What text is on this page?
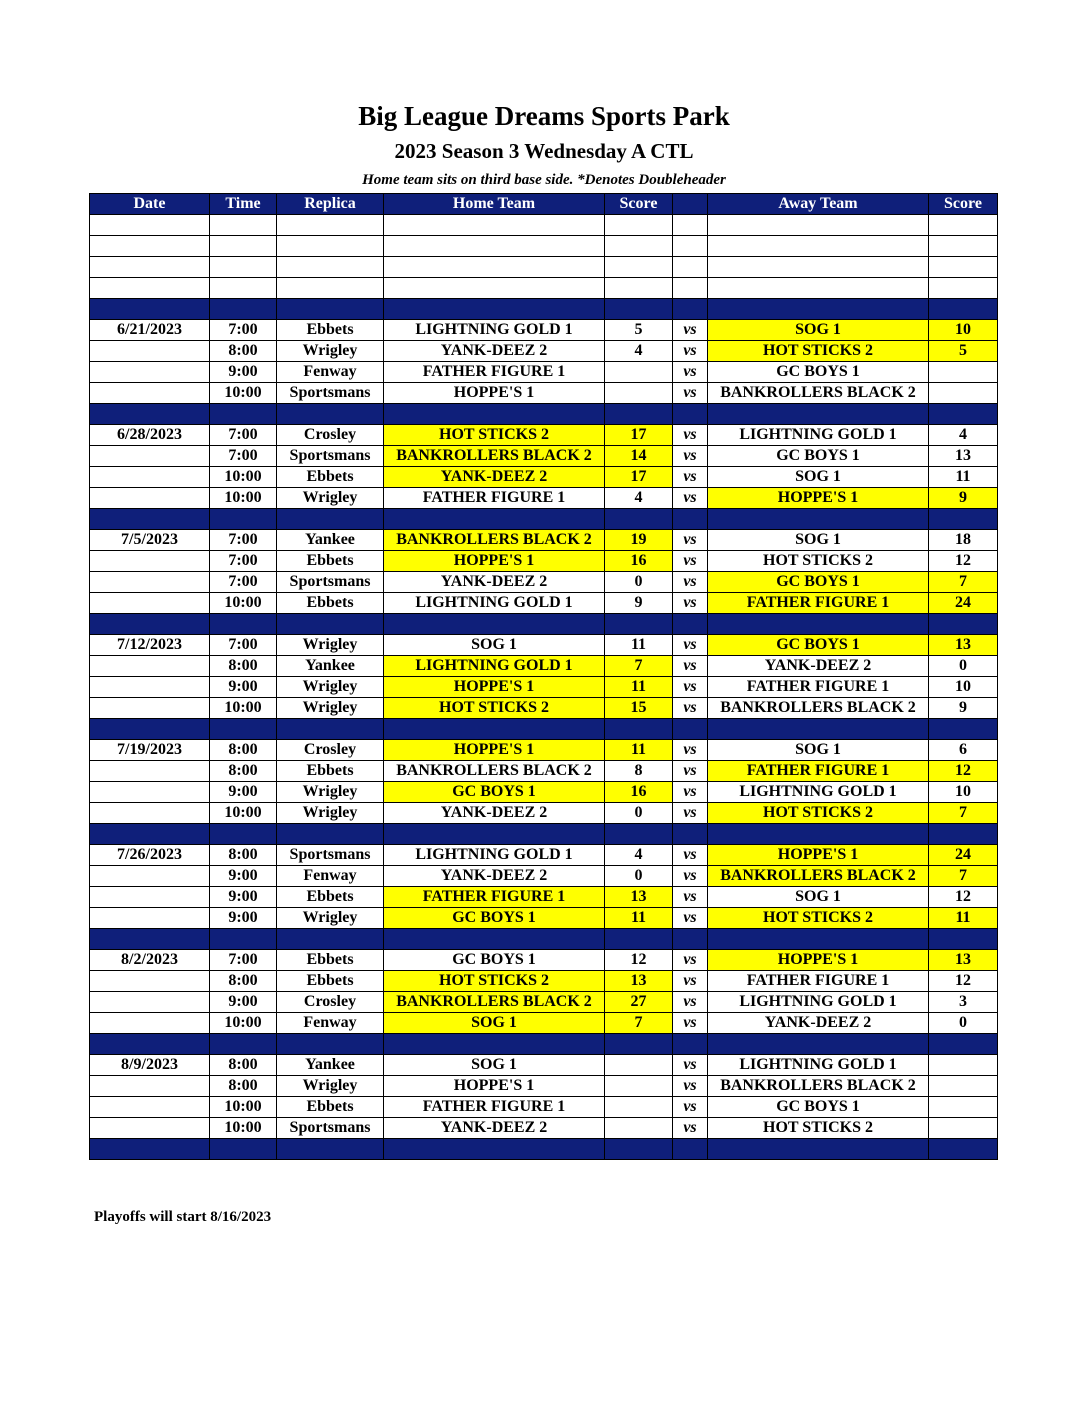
Big League Dreams Sports Park
2023 Season 3 Wednesday A CTL
Home team sits on third base side. *Denotes Doubleheader
Date	Time	Replica	Home Team	Score		Away Team	Score

6/21/2023	7:00	Ebbets	LIGHTNING GOLD 1	5	vs	SOG 1	10
	8:00	Wrigley	YANK-DEEZ 2	4	vs	HOT STICKS 2	5
	9:00	Fenway	FATHER FIGURE 1		vs	GC BOYS 1	
	10:00	Sportsmans	HOPPE'S 1		vs	BANKROLLERS BLACK 2	

6/28/2023	7:00	Crosley	HOT STICKS 2	17	vs	LIGHTNING GOLD 1	4
	7:00	Sportsmans	BANKROLLERS BLACK 2	14	vs	GC BOYS 1	13
	10:00	Ebbets	YANK-DEEZ 2	17	vs	SOG 1	11
	10:00	Wrigley	FATHER FIGURE 1	4	vs	HOPPE'S 1	9

7/5/2023	7:00	Yankee	BANKROLLERS BLACK 2	19	vs	SOG 1	18
	7:00	Ebbets	HOPPE'S 1	16	vs	HOT STICKS 2	12
	7:00	Sportsmans	YANK-DEEZ 2	0	vs	GC BOYS 1	7
	10:00	Ebbets	LIGHTNING GOLD 1	9	vs	FATHER FIGURE 1	24

7/12/2023	7:00	Wrigley	SOG 1	11	vs	GC BOYS 1	13
	8:00	Yankee	LIGHTNING GOLD 1	7	vs	YANK-DEEZ 2	0
	9:00	Wrigley	HOPPE'S 1	11	vs	FATHER FIGURE 1	10
	10:00	Wrigley	HOT STICKS 2	15	vs	BANKROLLERS BLACK 2	9

7/19/2023	8:00	Crosley	HOPPE'S 1	11	vs	SOG 1	6
	8:00	Ebbets	BANKROLLERS BLACK 2	8	vs	FATHER FIGURE 1	12
	9:00	Wrigley	GC BOYS 1	16	vs	LIGHTNING GOLD 1	10
	10:00	Wrigley	YANK-DEEZ 2	0	vs	HOT STICKS 2	7

7/26/2023	8:00	Sportsmans	LIGHTNING GOLD 1	4	vs	HOPPE'S 1	24
	9:00	Fenway	YANK-DEEZ 2	0	vs	BANKROLLERS BLACK 2	7
	9:00	Ebbets	FATHER FIGURE 1	13	vs	SOG 1	12
	9:00	Wrigley	GC BOYS 1	11	vs	HOT STICKS 2	11

8/2/2023	7:00	Ebbets	GC BOYS 1	12	vs	HOPPE'S 1	13
	8:00	Ebbets	HOT STICKS 2	13	vs	FATHER FIGURE 1	12
	9:00	Crosley	BANKROLLERS BLACK 2	27	vs	LIGHTNING GOLD 1	3
	10:00	Fenway	SOG 1	7	vs	YANK-DEEZ 2	0

8/9/2023	8:00	Yankee	SOG 1		vs	LIGHTNING GOLD 1	
	8:00	Wrigley	HOPPE'S 1		vs	BANKROLLERS BLACK 2	
	10:00	Ebbets	FATHER FIGURE 1		vs	GC BOYS 1	
	10:00	Sportsmans	YANK-DEEZ 2		vs	HOT STICKS 2	

Playoffs will start 8/16/2023
